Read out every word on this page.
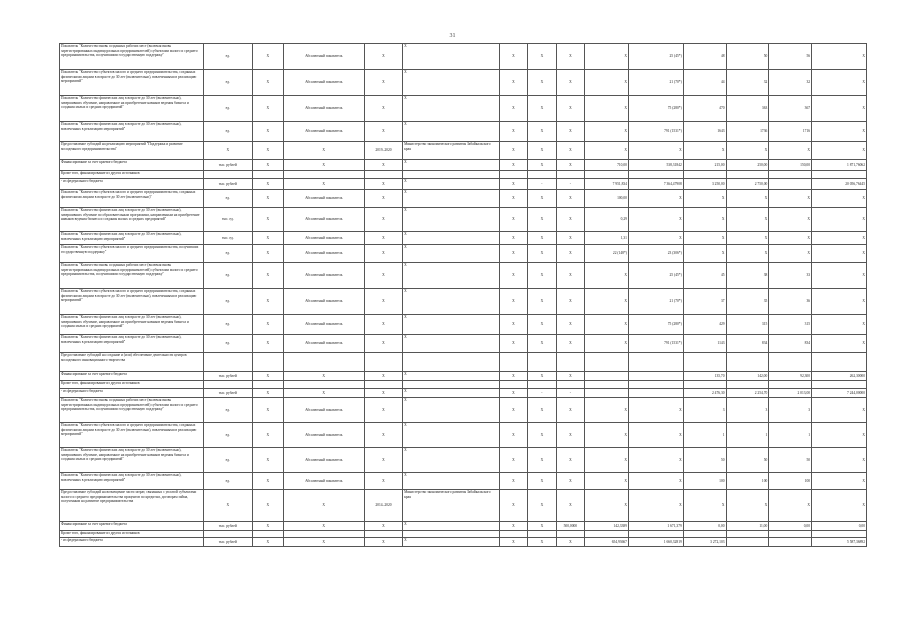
31
Показатель "Количество вновь созданных рабочих мест (включая вновь зарегистрированных индивидуальных предпринимателей) субъектами малого и среднего предпринимательства, получившими государственную поддержку"	ед.	X	Абсолютный показатель	X	X	X	X	X	X	25 (45*)	48	50	56	X
Показатель "Количество субъектов малого и среднего предпринимательства, созданных физическими лицами в возрасте до 30 лет (включительно), вовлеченными в реализацию мероприятий"	ед.	X	Абсолютный показатель	X	X	X	X	X	X	21 (70*)	44	32	32	X
Показатель "Количество физических лиц в возрасте до 30 лет (включительно), завершивших обучение, направленное на приобретение навыков ведения бизнеса и создания малых и средних предприятий"	ед.	X	Абсолютный показатель	X	X	X	X	X	X	75 (280*)	470	363	367	X
Показатель "Количество физических лиц в возрасте до 30 лет (включительно), вовлеченных в реализацию мероприятий"	ед.	X	Абсолютный показатель	X	X	X	X	X	X	791 (1531*)	1643	1736	1716	X
Предоставление субсидий на реализацию мероприятий "Поддержка и развитие молодежного предпринимательства"	X	X	X	2019–2020	Министерство экономического развития Забайкальского края	X	X	X	X	X	X	X	X	X
Финансирование за счет краевого бюджета	тыс. рублей	X	X	X	X	X	X	X	710,00	538,31842	215,00	250,00	150,00	1 871,76062
Кроме того, финансирование из других источников														
- из федерального бюджета	тыс. рублей	X	X	X	X	X	-	-	7 951,834	7 364,47908	3 250,00	2 750,00		20 056,76445
Показатель "Количество субъектов малого и среднего предпринимательства, созданных физическими лицами в возрасте до 30 лет (включительно)"	ед.	X	Абсолютный показатель	X	X	X	X	X	100,00	X	X	X	X	X
Показатель "Количество физических лиц в возрасте до 30 лет (включительно), завершивших обучение по образовательным программам, направленным на приобретение навыков ведения бизнеса и создания малых и средних предприятий"	тыс. ед.	X	Абсолютный показатель	X	X	X	X	X	0,29	X	X	X	X	X
Показатель "Количество физических лиц в возрасте до 30 лет (включительно), вовлеченных в реализацию мероприятий"	тыс. ед.	X	Абсолютный показатель	X	X	X	X	X	1,31	X	X	X	X	X
Показатель "Количество субъектов малого и среднего предпринимательства, получивших государственную поддержку"	ед.	X	Абсолютный показатель	X	X	X	X	X	22 (148*)	23 (306*)	X	X	X	X
Показатель "Количество вновь созданных рабочих мест (включая вновь зарегистрированных индивидуальных предпринимателей) субъектами малого и среднего предпринимательства, получившими государственную поддержку"	ед.	X	Абсолютный показатель	X	X	X	X	X	X	25 (45*)	45	38	33	X
Показатель "Количество субъектов малого и среднего предпринимательства, созданных физическими лицами в возрасте до 30 лет (включительно), вовлеченными в реализацию мероприятий"	ед.	X	Абсолютный показатель	X	X	X	X	X	X	21 (70*)	37	35	36	X
Показатель "Количество физических лиц в возрасте до 30 лет (включительно), завершивших обучение, направленное на приобретение навыков ведения бизнеса и создания малых и средних предприятий"	ед.	X	Абсолютный показатель	X	X	X	X	X	X	75 (280*)	429	315	315	X
Показатель "Количество физических лиц в возрасте до 30 лет (включительно), вовлеченных в реализацию мероприятий"	ед.	X	Абсолютный показатель	X	X	X	X	X	X	791 (1531*)	1143	834	834	X
Предоставление субсидий на создание и (или) обеспечение деятельности центров молодежного инновационного творчества														
Финансирование за счет краевого бюджета	тыс. рублей	X	X	X	X	X	X	X			135,70	142,00	92,300	262,30000
Кроме того, финансирование из других источников														
- из федерального бюджета	тыс. рублей	X	X	X	X	X	-	-			2 476,30	2 254,70	2 013,00	7 244,00000
Показатель "Количество вновь созданных рабочих мест (включая вновь зарегистрированных индивидуальных предпринимателей) субъектами малого и среднего предпринимательства, получившими государственную поддержку"	ед.	X	Абсолютный показатель	X	X	X	X	X	X	X	3	3	3	X
Показатель "Количество субъектов малого и среднего предпринимательства, созданных физическими лицами в возрасте до 30 лет (включительно), вовлеченными в реализацию мероприятий"	ед.	X	Абсолютный показатель	X	X	X	X	X	X	X	1	1	1	X
Показатель "Количество физических лиц в возрасте до 30 лет (включительно), завершивших обучение, направленное на приобретение навыков ведения бизнеса и создания малых и средних предприятий"	ед.	X	Абсолютный показатель	X	X	X	X	X	X	X	50	50	50	X
Показатель "Количество физических лиц в возрасте до 30 лет (включительно), вовлеченных в реализацию мероприятий"	ед.	X	Абсолютный показатель	X	X	X	X	X	X	X	100	100	100	X
Предоставление субсидий на возмещение части затрат, связанных с уплатой субъектами малого и среднего предпринимательства процентов по кредитам, договорам займа, полученным на развитие предпринимательства	X	X	X	2014–2020	Министерство экономического развития Забайкальского края	X	X	X	X	X	X	X	X	X
Финансирование за счет краевого бюджета	тыс. рублей	X	X	X	X	X	X	500,0000	142,3389	1 671,379	0,00	11,00	0,00	0,00
Кроме того, финансирование из других источников														
- из федерального бюджета	тыс. рублей	X	X	X	X	X	X	X	654,93667	1 660,32819	3 272,103			5 587,36892
